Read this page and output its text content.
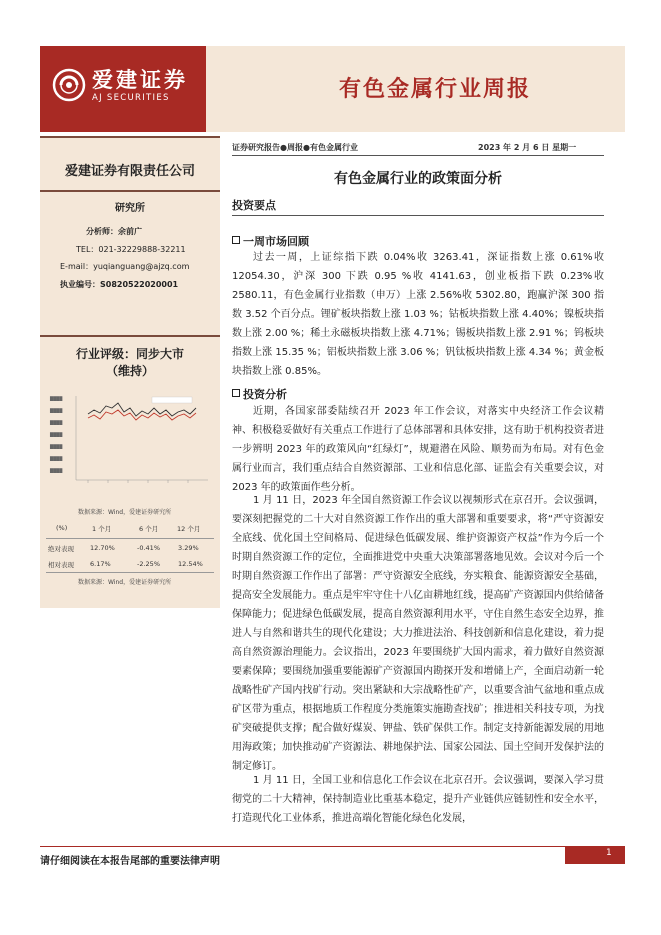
爱建证券
AJ SECURITIES	有色金属行业周报
爱建证券有限责任公司
研究所
分析师：余前广
TEL：021-32229888-32211
E-mail：yuqianguang@ajzq.com
执业编号：S0820522020001
行业评级：同步大市
（维持）
████
████
████
████
████
████
████
数据来源：Wind，爱建证券研究所
(%)	1 个月	6 个月	12 个月
绝对表现 12.70%	-0.41%	3.29%
相对表现 6.17%	-2.25%	12.54%
数据来源：Wind，爱建证券研究所
证券研究报告●周报●有色金属行业	2023 年 2 月 6 日 星期一
有色金属行业的政策面分析
投资要点
一周市场回顾

过去一周，上证综指下跌 0.04%收 3263.41，深证指数上涨 0.61%收 12054.30，沪深 300 下跌 0.95 %收 4141.63，创业板指下跌 0.23%收 2580.11，有色金属行业指数（申万）上涨 2.56%收 5302.80，跑赢沪深 300 指数 3.52 个百分点。锂矿板块指数上涨 1.03 %；钴板块指数上涨 4.40%；镍板块指数上涨 2.00 %；稀土永磁板块指数上涨 4.71%；锡板块指数上涨 2.91 %；钨板块指数上涨 15.35 %；铝板块指数上涨 3.06 %；钒钛板块指数上涨 4.34 %；黄金板块指数上涨 0.85%。

投资分析

近期，各国家部委陆续召开 2023 年工作会议，对落实中央经济工作会议精神、积极稳妥做好有关重点工作进行了总体部署和具体安排，这有助于机构投资者进一步辨明 2023 年的政策风向“红绿灯”，规避潜在风险、顺势而为布局。对有色金属行业而言，我们重点结合自然资源部、工业和信息化部、证监会有关重要会议，对 2023 年的政策面作些分析。

1 月 11 日，2023 年全国自然资源工作会议以视频形式在京召开。会议强调，要深刻把握党的二十大对自然资源工作作出的重大部署和重要要求，将“严守资源安全底线、优化国土空间格局、促进绿色低碳发展、维护资源资产权益”作为今后一个时期自然资源工作的定位，全面推进党中央重大决策部署落地见效。会议对今后一个时期自然资源工作作出了部署：严守资源安全底线，夯实粮食、能源资源安全基础，提高安全发展能力。重点是牢牢守住十八亿亩耕地红线，提高矿产资源国内供给储备保障能力；促进绿色低碳发展，提高自然资源利用水平，守住自然生态安全边界，推进人与自然和谐共生的现代化建设；大力推进法治、科技创新和信息化建设，着力提高自然资源治理能力。会议指出，2023 年要围绕扩大国内需求，着力做好自然资源要素保障；要围绕加强重要能源矿产资源国内勘探开发和增储上产，全面启动新一轮战略性矿产国内找矿行动。突出紧缺和大宗战略性矿产，以重要含油气盆地和重点成矿区带为重点，根据地质工作程度分类施策实施勘查找矿；推进相关科技专项，为找矿突破提供支撑；配合做好煤炭、钾盐、铁矿保供工作。制定支持新能源发展的用地用海政策；加快推动矿产资源法、耕地保护法、国家公园法、国土空间开发保护法的制定修订。

1 月 11 日，全国工业和信息化工作会议在北京召开。会议强调，要深入学习贯彻党的二十大精神，保持制造业比重基本稳定，提升产业链供应链韧性和安全水平，打造现代化工业体系，推进高端化智能化绿色化发展，

请仔细阅读在本报告尾部的重要法律声明
1
